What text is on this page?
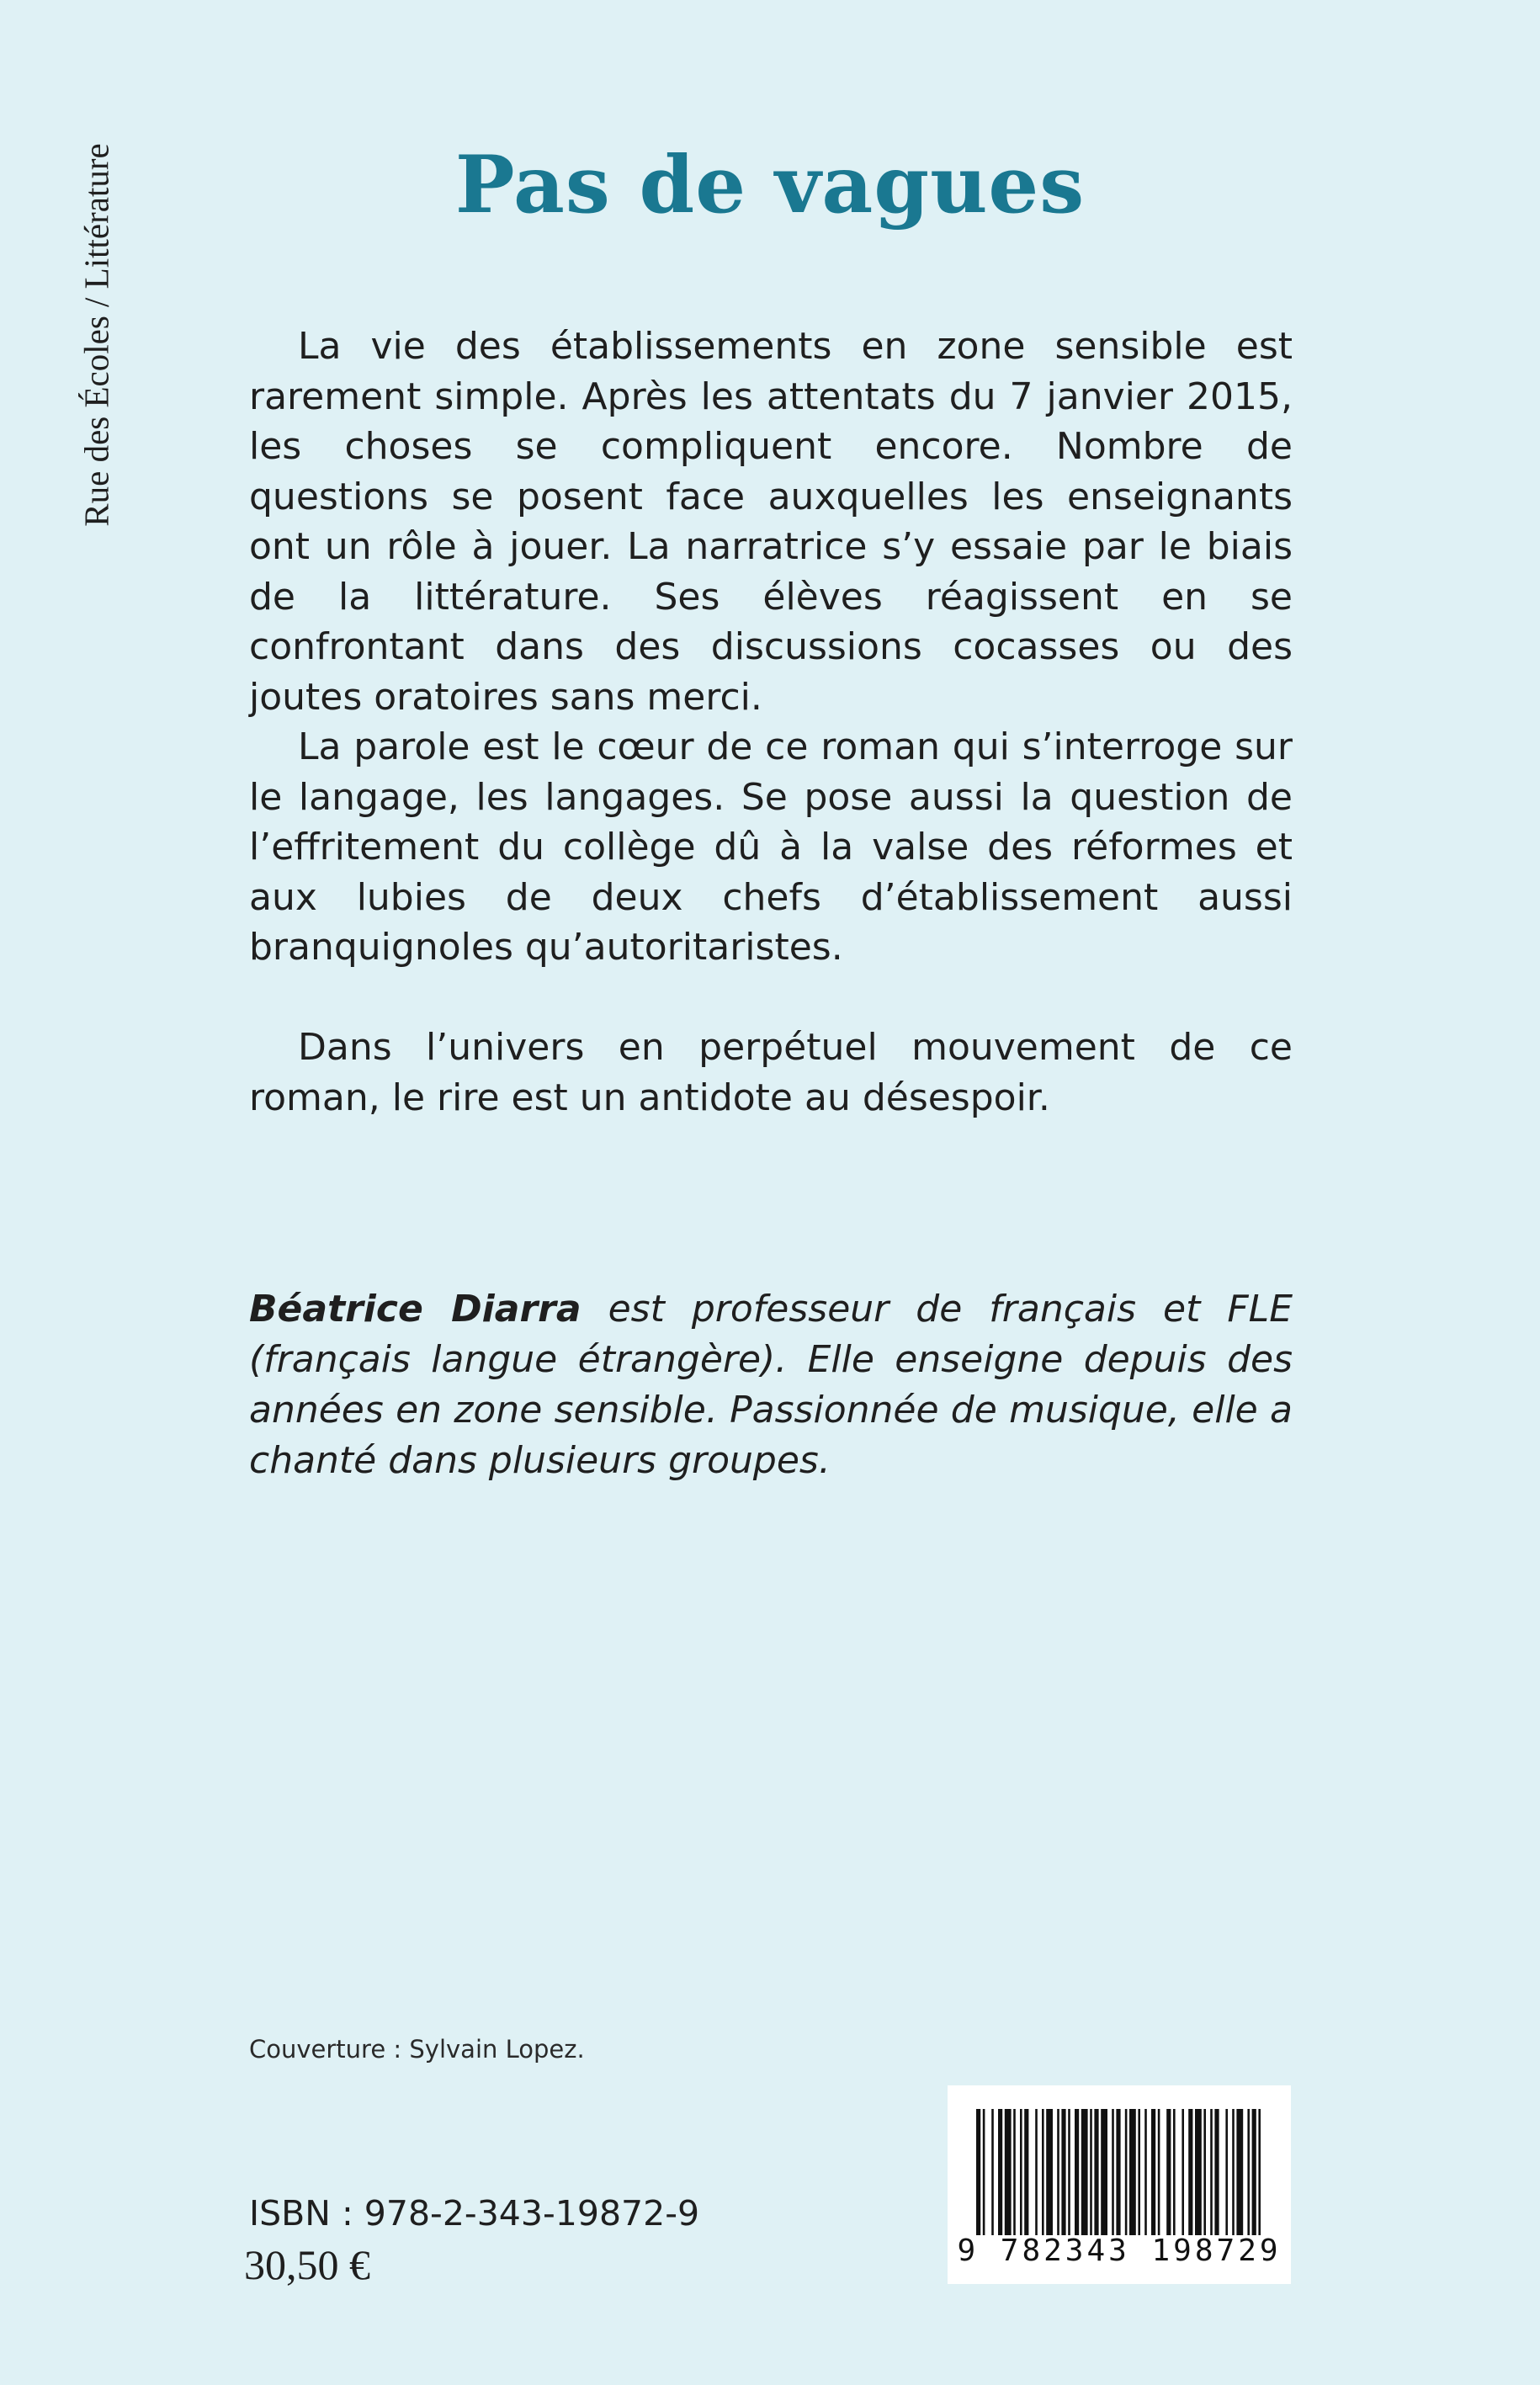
Rue des Écoles / Littérature	Pas de vagues

La vie des établissements en zone sensible est rarement simple. Après les attentats du 7 janvier 2015, les choses se compliquent encore. Nombre de questions se posent face auxquelles les enseignants ont un rôle à jouer. La narratrice s’y essaie par le biais de la littérature. Ses élèves réagissent en se confrontant dans des discussions cocasses ou des joutes oratoires sans merci.

La parole est le cœur de ce roman qui s’interroge sur le langage, les langages. Se pose aussi la question de l’effritement du collège dû à la valse des réformes et aux lubies de deux chefs d’établissement aussi branquignoles qu’autoritaristes.

Dans l’univers en perpétuel mouvement de ce roman, le rire est un antidote au désespoir.

Béatrice Diarra est professeur de français et FLE (français langue étrangère). Elle enseigne depuis des années en zone sensible. Passionnée de musique, elle a chanté dans plusieurs groupes.
Couverture : Sylvain Lopez.
ISBN : 978-2-343-19872-9
30,50 €	9 782343 198729
